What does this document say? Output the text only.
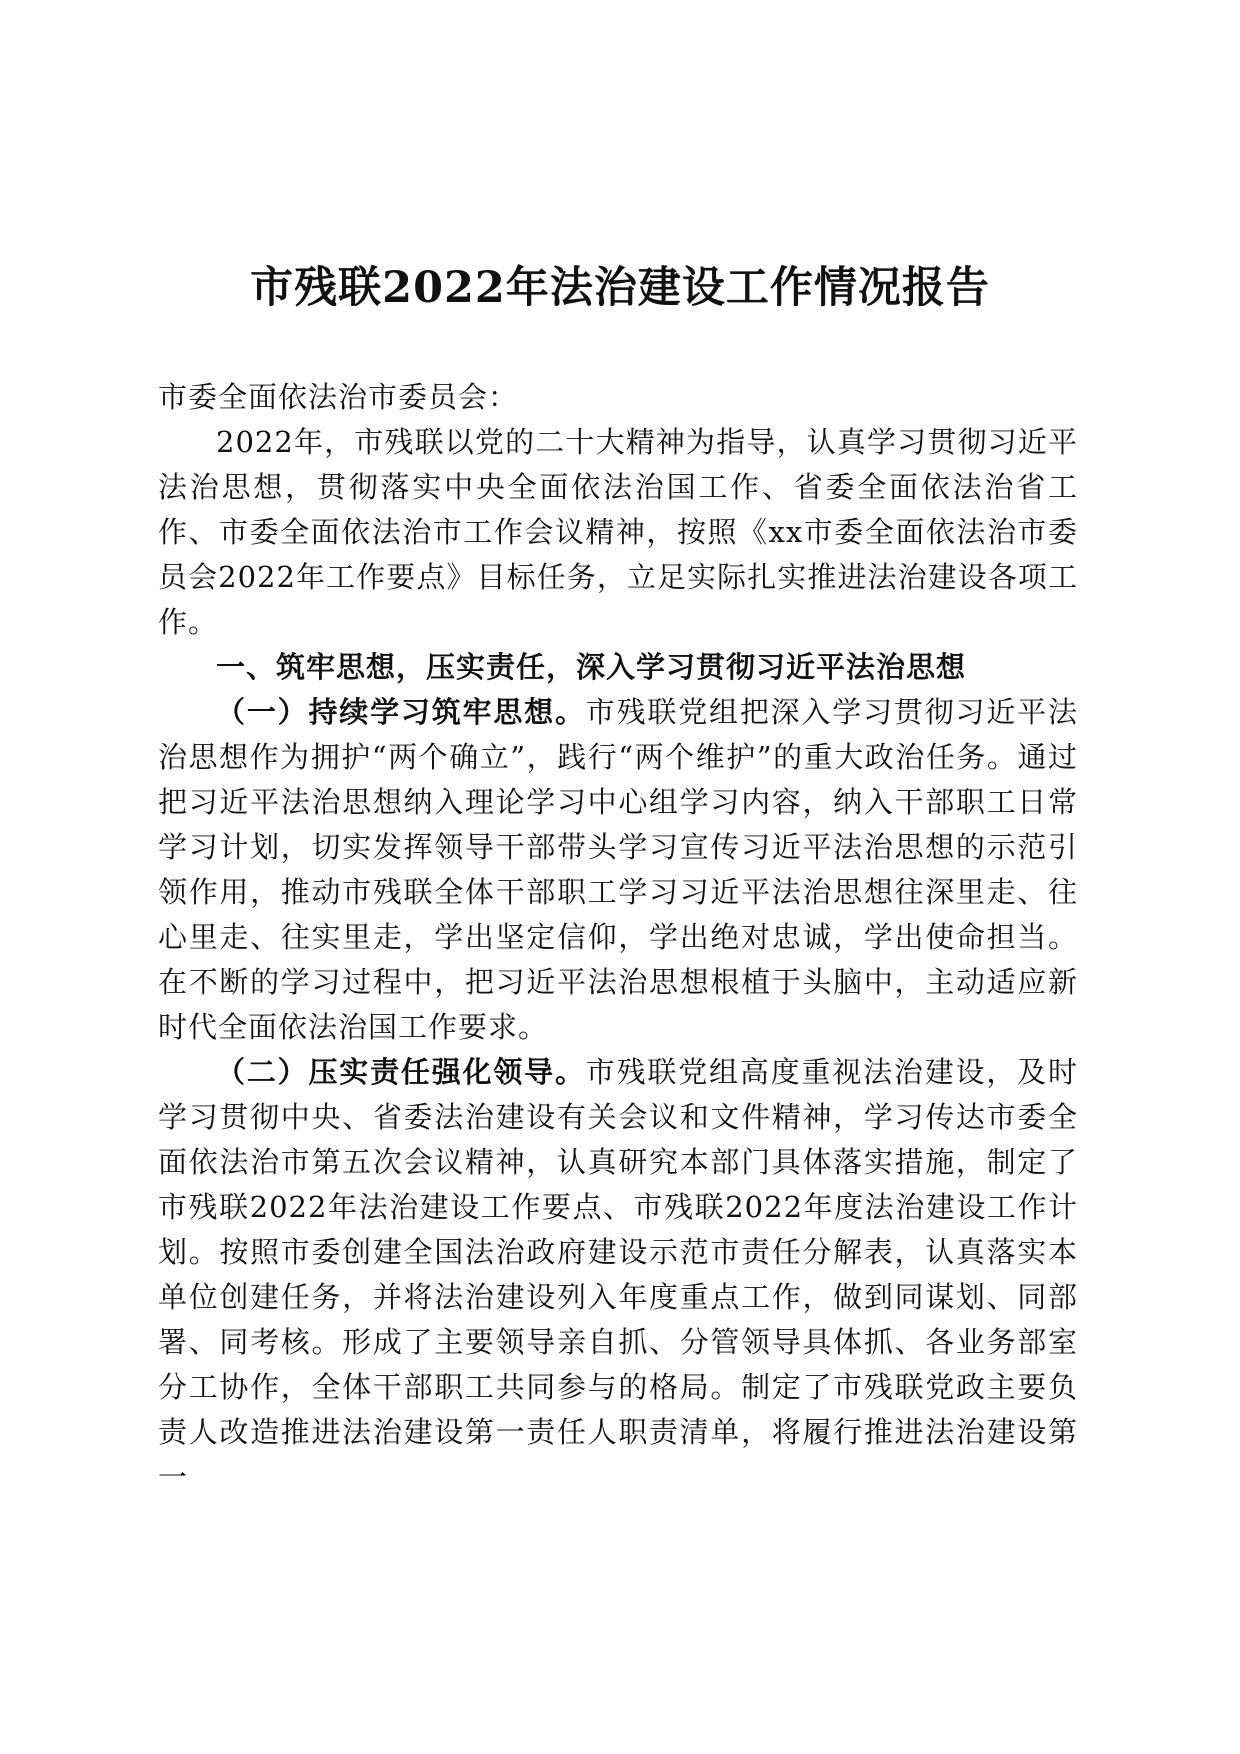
市残联2022年法治建设工作情况报告

市委全面依法治市委员会：

2022年，市残联以党的二十大精神为指导，认真学习贯彻习近平法治思想，贯彻落实中央全面依法治国工作、省委全面依法治省工作、市委全面依法治市工作会议精神，按照《xx市委全面依法治市委员会2022年工作要点》目标任务，立足实际扎实推进法治建设各项工作。

一、筑牢思想，压实责任，深入学习贯彻习近平法治思想

（一）持续学习筑牢思想。市残联党组把深入学习贯彻习近平法治思想作为拥护“两个确立”，践行“两个维护”的重大政治任务。通过把习近平法治思想纳入理论学习中心组学习内容，纳入干部职工日常学习计划，切实发挥领导干部带头学习宣传习近平法治思想的示范引领作用，推动市残联全体干部职工学习习近平法治思想往深里走、往心里走、往实里走，学出坚定信仰，学出绝对忠诚，学出使命担当。在不断的学习过程中，把习近平法治思想根植于头脑中，主动适应新时代全面依法治国工作要求。

（二）压实责任强化领导。市残联党组高度重视法治建设，及时学习贯彻中央、省委法治建设有关会议和文件精神，学习传达市委全面依法治市第五次会议精神，认真研究本部门具体落实措施，制定了市残联2022年法治建设工作要点、市残联2022年度法治建设工作计划。按照市委创建全国法治政府建设示范市责任分解表，认真落实本单位创建任务，并将法治建设列入年度重点工作，做到同谋划、同部署、同考核。形成了主要领导亲自抓、分管领导具体抓、各业务部室分工协作，全体干部职工共同参与的格局。制定了市残联党政主要负责人改造推进法治建设第一责任人职责清单，将履行推进法治建设第一
